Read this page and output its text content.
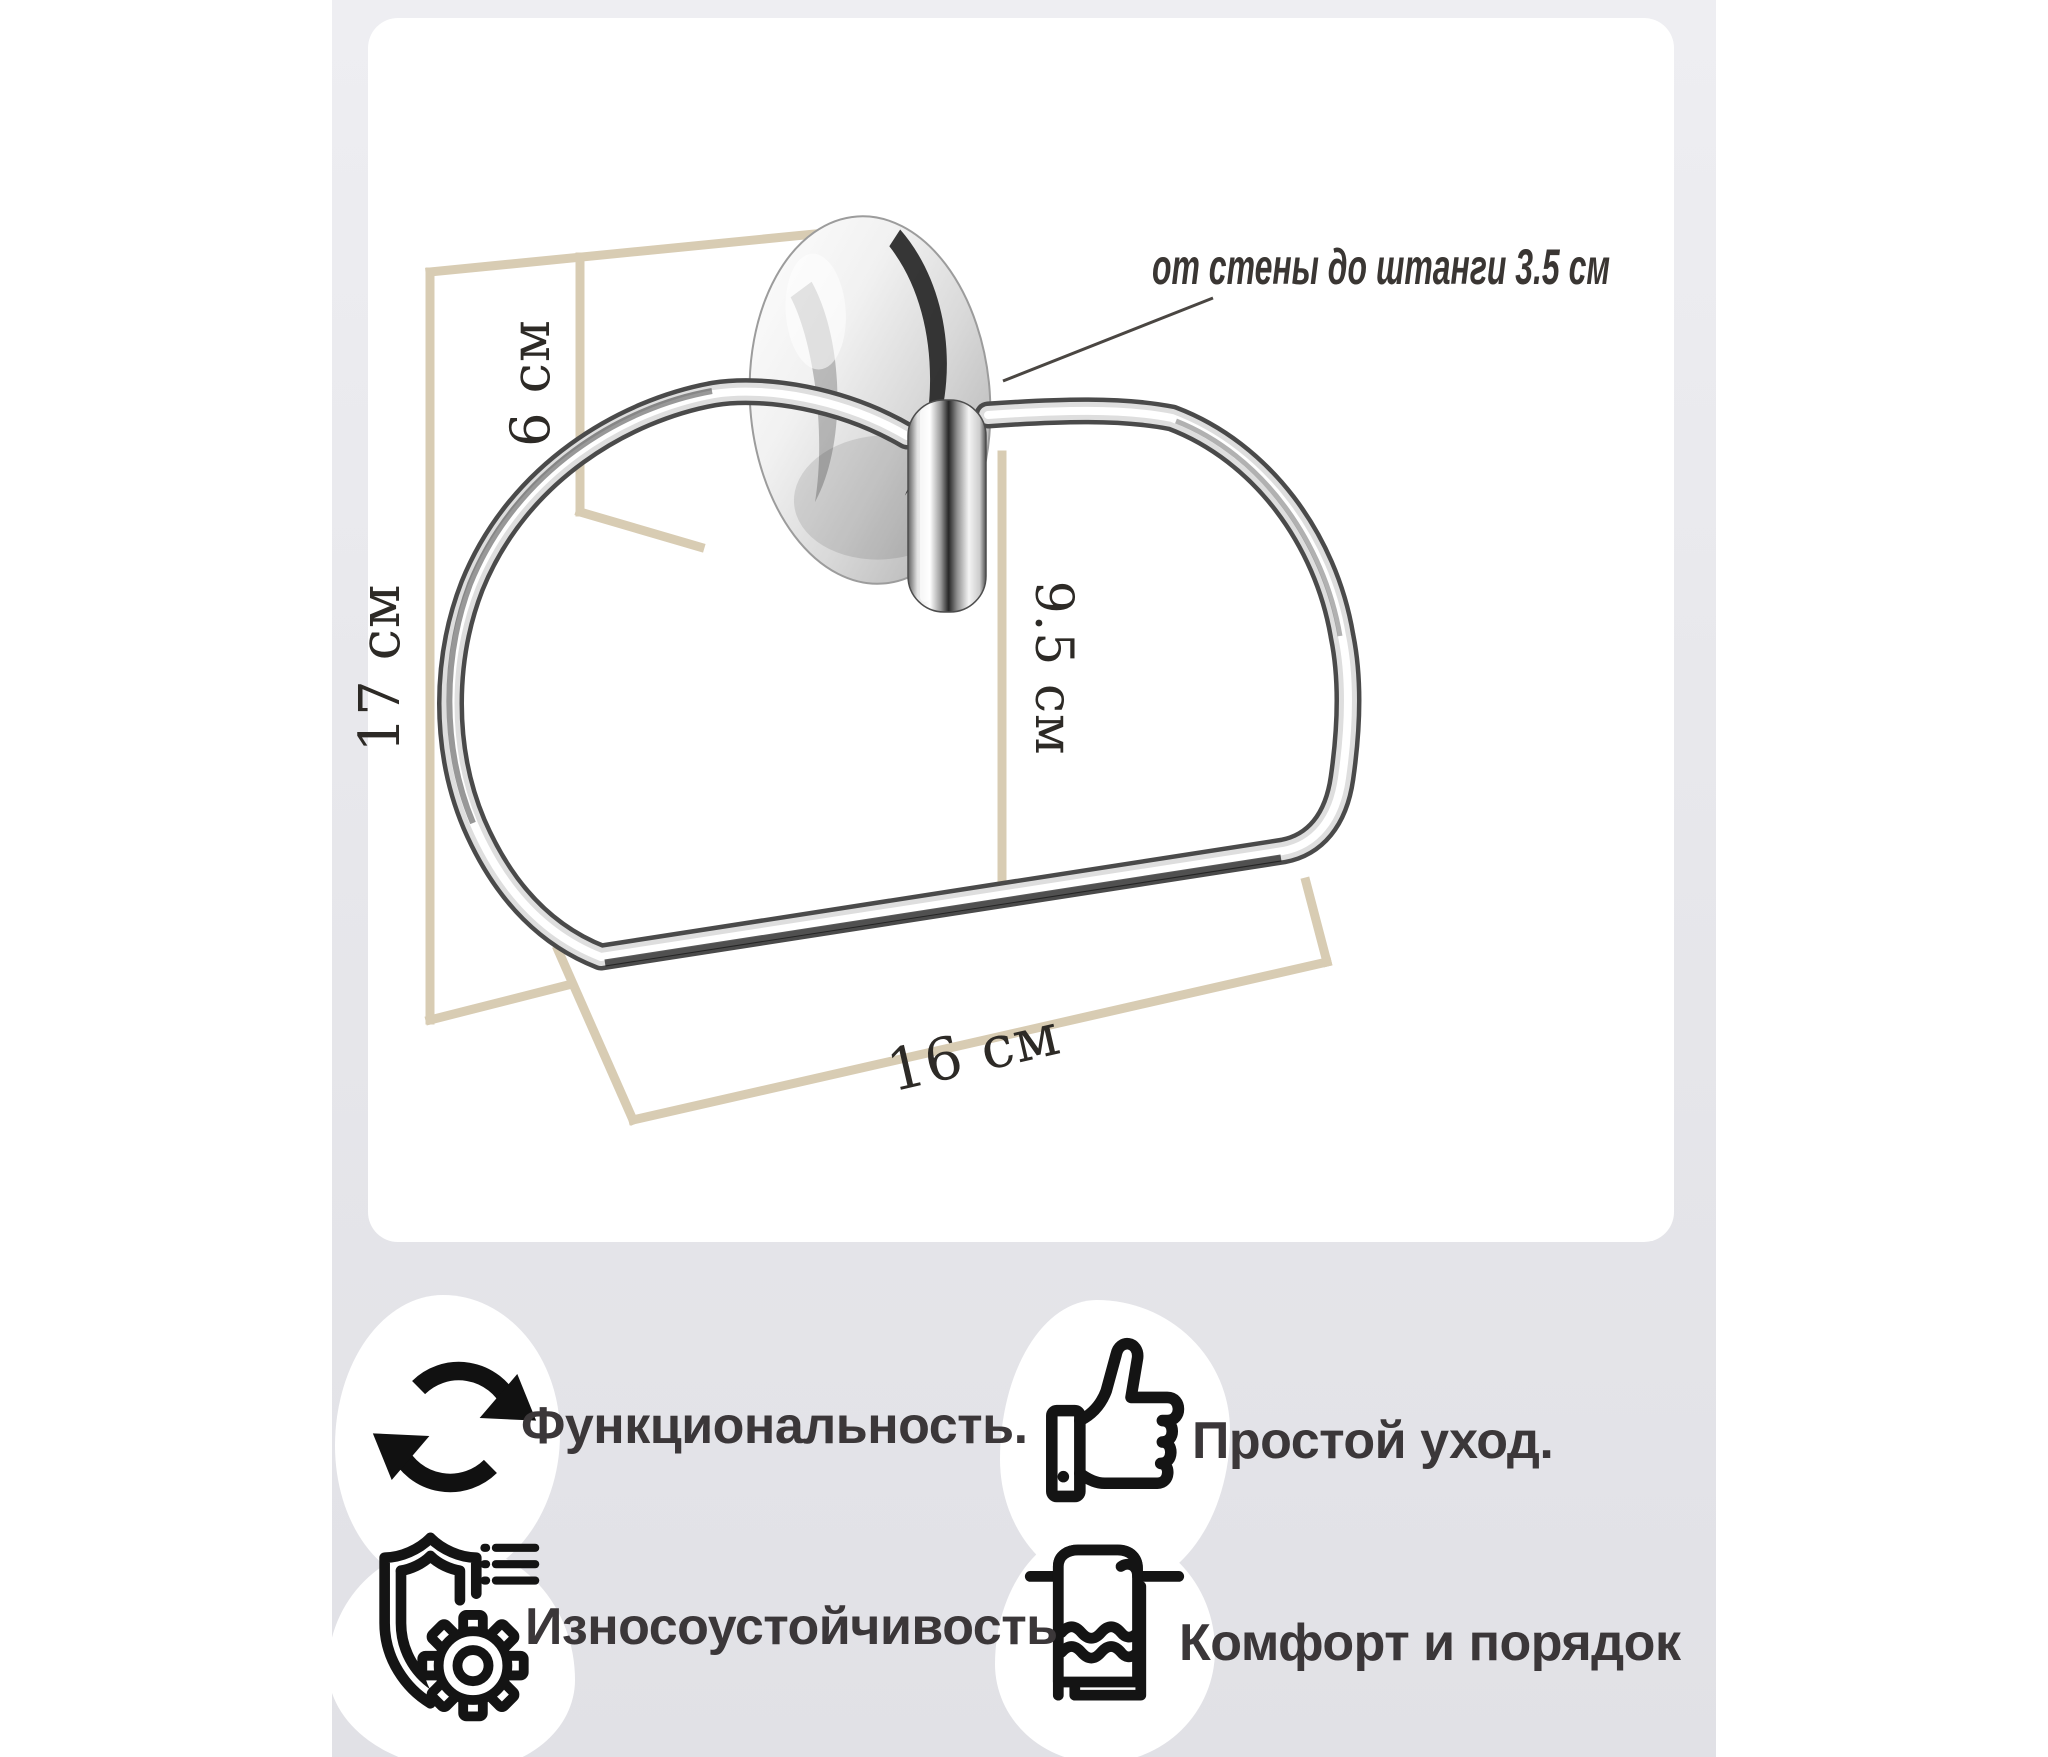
от стены до штанги 3.5 см
17 см
6 см
9.5 см
16 см
Функциональность.	Простой уход.
Износоустойчивость Комфорт и порядок
